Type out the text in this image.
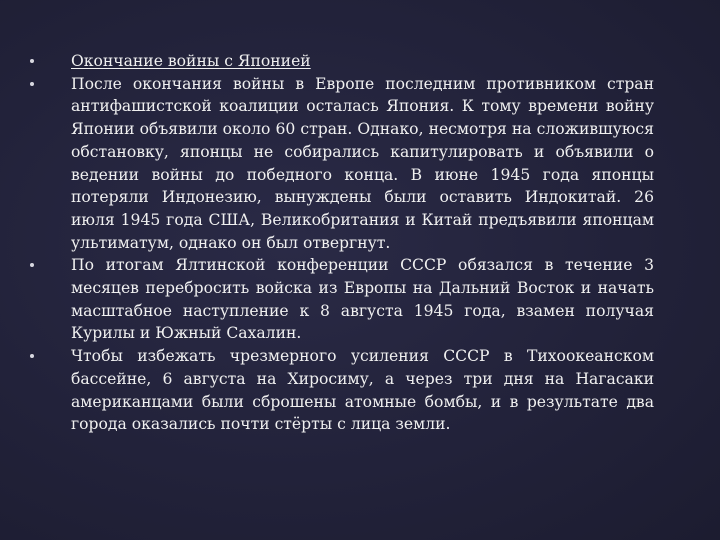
Окончание войны с Японией
После окончания войны в Европе последним противником стран антифашистской коалиции осталась Япония. К тому времени войну Японии объявили около 60 стран. Однако, несмотря на сложившуюся обстановку, японцы не собирались капитулировать и объявили о ведении войны до победного конца. В июне 1945 года японцы потеряли Индонезию, вынуждены были оставить Индокитай. 26 июля 1945 года США, Великобритания и Китай предъявили японцам ультиматум, однако он был отвергнут.
По итогам Ялтинской конференции СССР обязался в течение 3 месяцев перебросить войска из Европы на Дальний Восток и начать масштабное наступление к 8 августа 1945 года, взамен получая Курилы и Южный Сахалин.
Чтобы избежать чрезмерного усиления СССР в Тихоокеанском бассейне, 6 августа на Хиросиму, а через три дня на Нагасаки американцами были сброшены атомные бомбы, и в результате два города оказались почти стёрты с лица земли.
